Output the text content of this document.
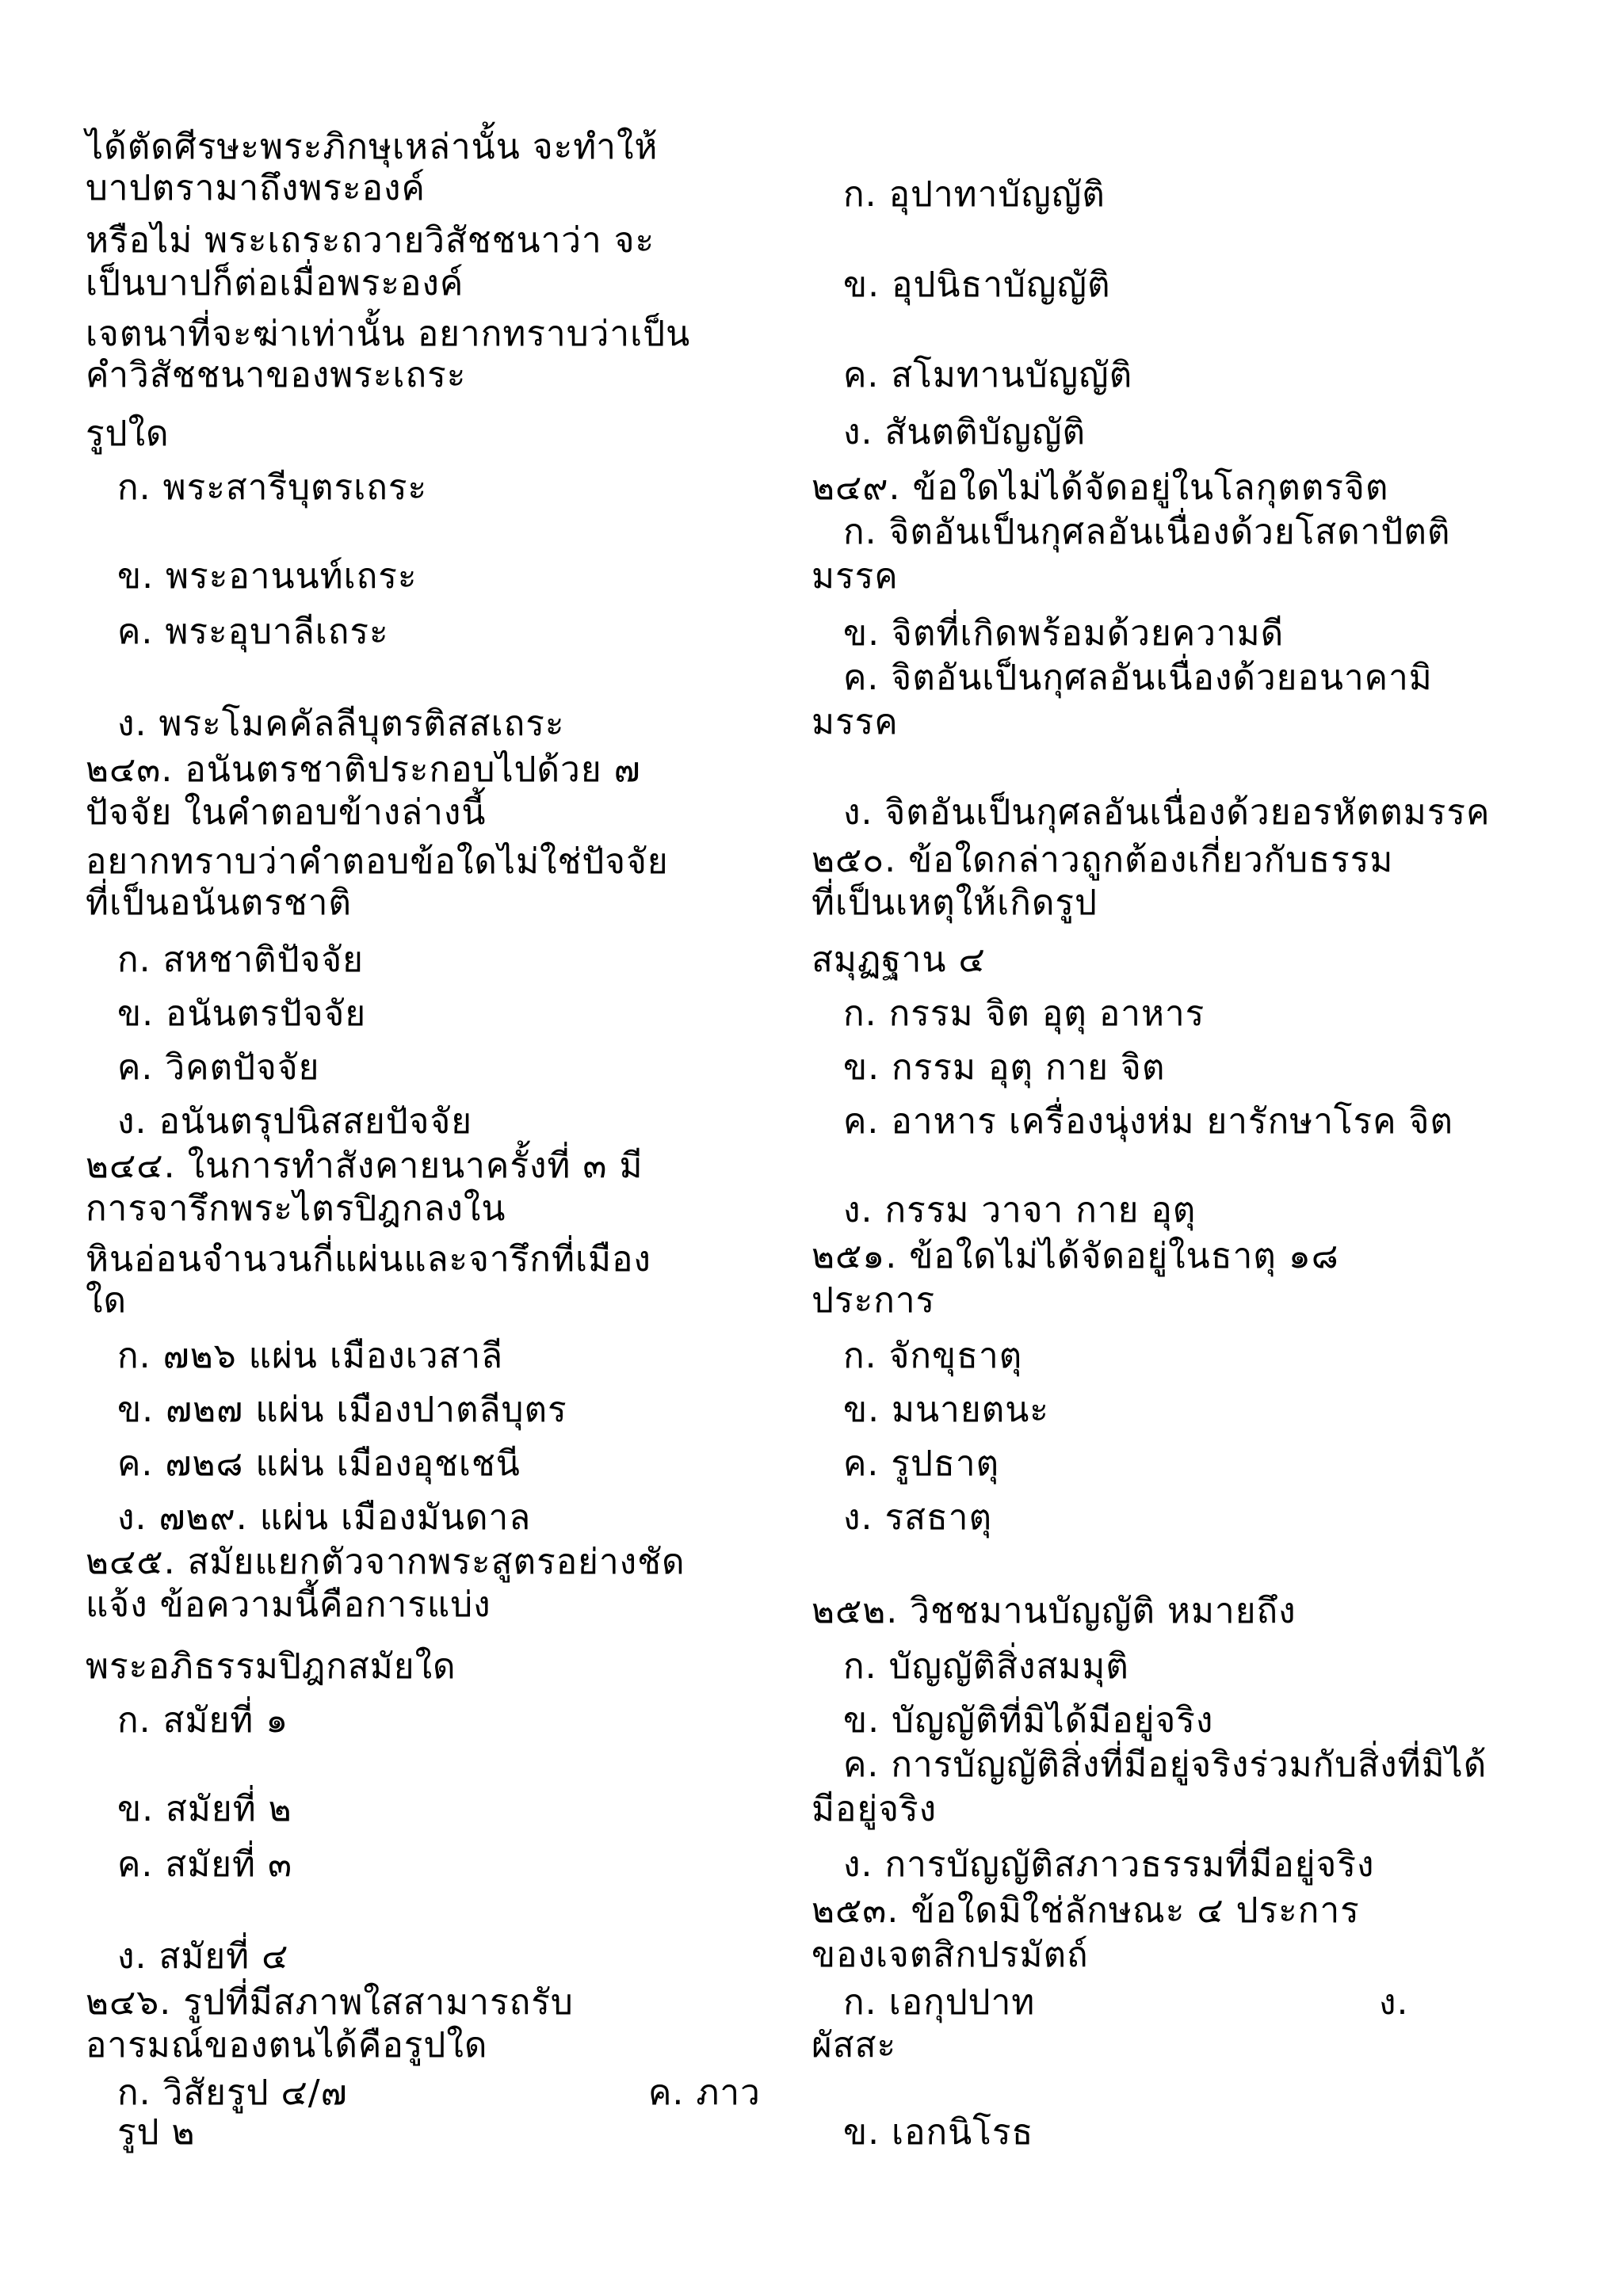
ได้ตัดศีรษะพระภิกษุเหล่านั้น จะทำให้
บาปตรามาถึงพระองค์
หรือไม่ พระเถระถวายวิสัชชนาว่า จะ
เป็นบาปก็ต่อเมื่อพระองค์
เจตนาที่จะฆ่าเท่านั้น อยากทราบว่าเป็น
คำวิสัชชนาของพระเถระ
รูปใด
ก. พระสารีบุตรเถระ
ข. พระอานนท์เถระ
ค. พระอุบาลีเถระ
ง. พระโมคคัลลีบุตรติสสเถระ
๒๔๓. อนันตรชาติประกอบไปด้วย ๗
ปัจจัย ในคำตอบข้างล่างนี้
อยากทราบว่าคำตอบข้อใดไม่ใช่ปัจจัย
ที่เป็นอนันตรชาติ
ก. สหชาติปัจจัย
ข. อนันตรปัจจัย
ค. วิคตปัจจัย
ง. อนันตรุปนิสสยปัจจัย
๒๔๔. ในการทำสังคายนาครั้งที่ ๓ มี
การจารึกพระไตรปิฎกลงใน
หินอ่อนจำนวนกี่แผ่นและจารึกที่เมือง
ใด
ก. ๗๒๖ แผ่น เมืองเวสาลี
ข. ๗๒๗ แผ่น เมืองปาตลีบุตร
ค. ๗๒๘ แผ่น เมืองอุชเชนี
ง. ๗๒๙. แผ่น เมืองมันดาล
๒๔๕. สมัยแยกตัวจากพระสูตรอย่างชัด
แจ้ง ข้อความนี้คือการแบ่ง
พระอภิธรรมปิฎกสมัยใด
ก. สมัยที่ ๑
ข. สมัยที่ ๒
ค. สมัยที่ ๓
ง. สมัยที่ ๔
๒๔๖. รูปที่มีสภาพใสสามารถรับ
อารมณ์ของตนได้คือรูปใด
ก. วิสัยรูป ๔/๗	ค. ภาว
รูป ๒
ก. อุปาทาบัญญัติ
ข. อุปนิธาบัญญัติ
ค. สโมทานบัญญัติ
ง. สันตติบัญญัติ
๒๔๙. ข้อใดไม่ได้จัดอยู่ในโลกุตตรจิต
ก. จิตอันเป็นกุศลอันเนื่องด้วยโสดาปัตติ
มรรค
ข. จิตที่เกิดพร้อมด้วยความดี
ค. จิตอันเป็นกุศลอันเนื่องด้วยอนาคามิ
มรรค
ง. จิตอันเป็นกุศลอันเนื่องด้วยอรหัตตมรรค
๒๕๐. ข้อใดกล่าวถูกต้องเกี่ยวกับธรรม
ที่เป็นเหตุให้เกิดรูป
สมุฏฐาน ๔
ก. กรรม จิต อุตุ อาหาร
ข. กรรม อุตุ กาย จิต
ค. อาหาร เครื่องนุ่งห่ม ยารักษาโรค จิต
ง. กรรม วาจา กาย อุตุ
๒๕๑. ข้อใดไม่ได้จัดอยู่ในธาตุ ๑๘
ประการ
ก. จักขุธาตุ
ข. มนายตนะ
ค. รูปธาตุ
ง. รสธาตุ
๒๕๒. วิชชมานบัญญัติ หมายถึง
ก. บัญญัติสิ่งสมมุติ
ข. บัญญัติที่มิได้มีอยู่จริง
ค. การบัญญัติสิ่งที่มีอยู่จริงร่วมกับสิ่งที่มิได้
มีอยู่จริง
ง. การบัญญัติสภาวธรรมที่มีอยู่จริง
๒๕๓. ข้อใดมิใช่ลักษณะ ๔ ประการ
ของเจตสิกปรมัตถ์
ก. เอกุปปาท	ง.
ผัสสะ
ข. เอกนิโรธ
